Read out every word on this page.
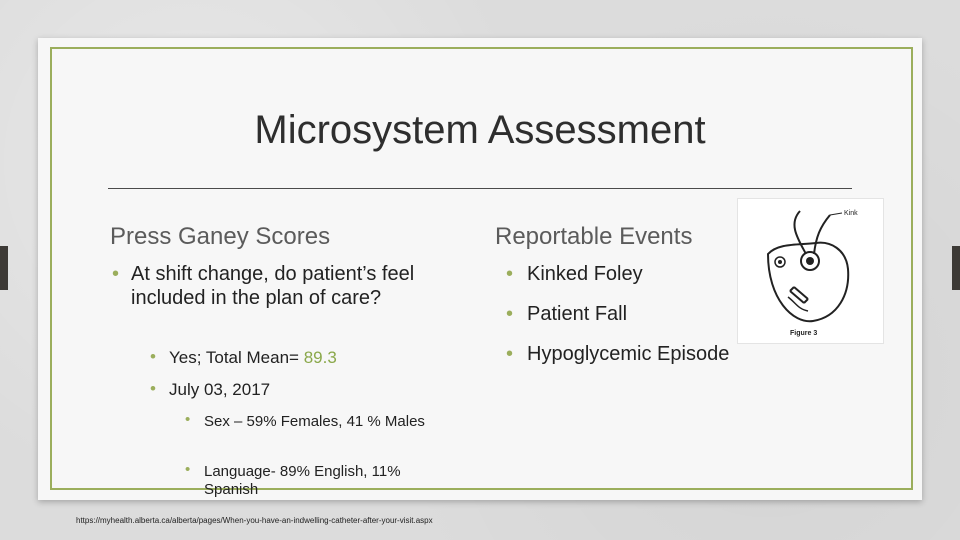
Microsystem Assessment
Press Ganey Scores
• At shift change, do patient’s feel included in the plan of care?
• Yes; Total Mean= 89.3
• July 03, 2017
• Sex – 59% Females, 41 % Males
• Language- 89% English, 11% Spanish
Reportable Events
• Kinked Foley
• Patient Fall
• Hypoglycemic Episode
Kink
Figure 3
https://myhealth.alberta.ca/alberta/pages/When-you-have-an-indwelling-catheter-after-your-visit.aspx
